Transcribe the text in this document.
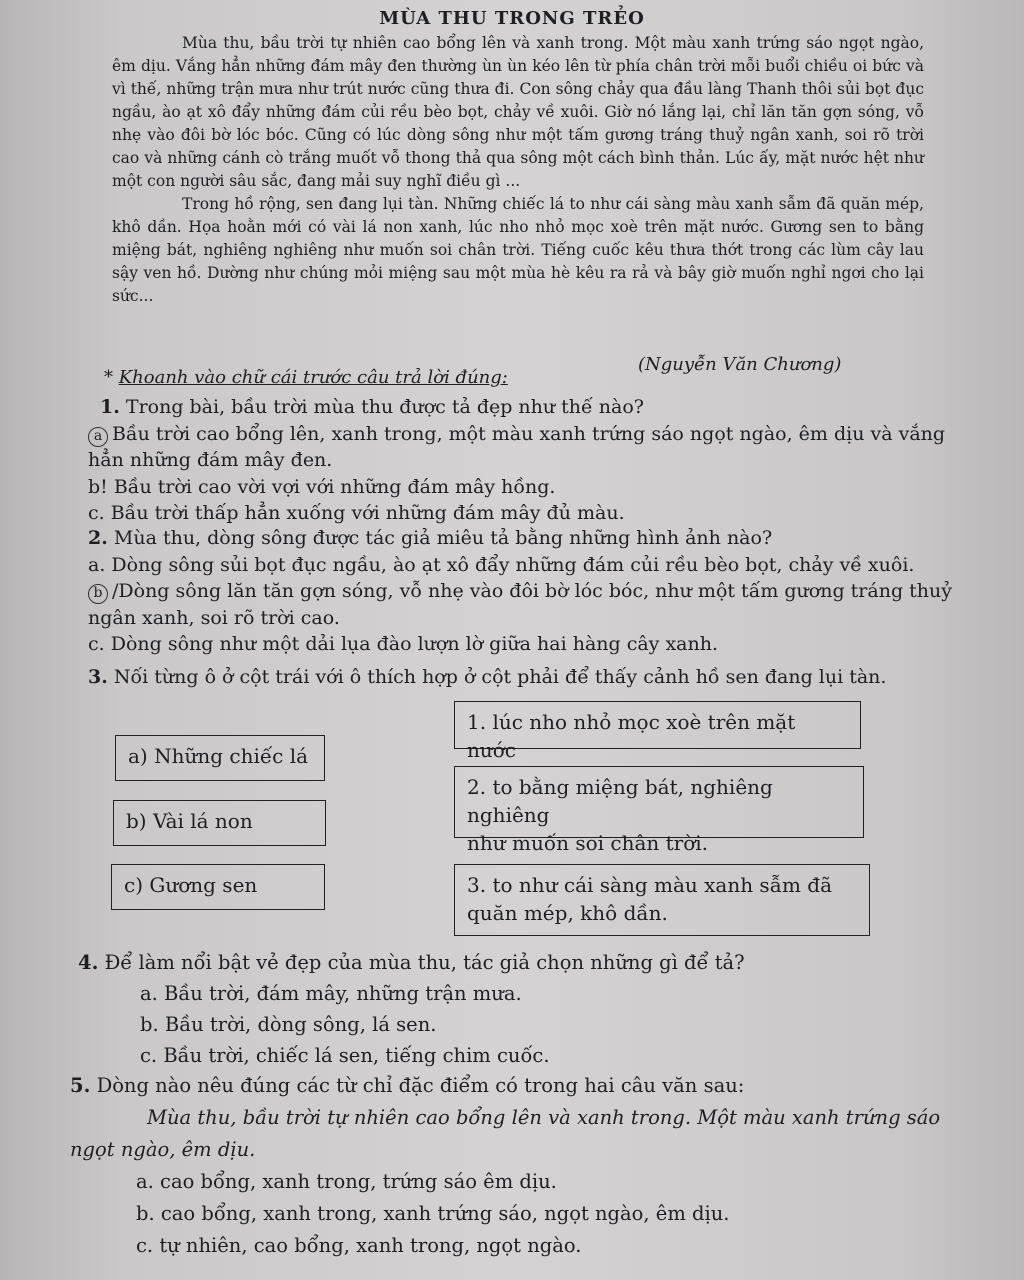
MÙA THU TRONG TRẺO

Mùa thu, bầu trời tự nhiên cao bổng lên và xanh trong. Một màu xanh trứng sáo ngọt ngào, êm dịu. Vắng hẳn những đám mây đen thường ùn ùn kéo lên từ phía chân trời mỗi buổi chiều oi bức và vì thế, những trận mưa như trút nước cũng thưa đi. Con sông chảy qua đầu làng Thanh thôi sủi bọt đục ngầu, ào ạt xô đẩy những đám củi rều bèo bọt, chảy về xuôi. Giờ nó lắng lại, chỉ lăn tăn gợn sóng, vỗ nhẹ vào đôi bờ lóc bóc. Cũng có lúc dòng sông như một tấm gương tráng thuỷ ngân xanh, soi rõ trời cao và những cánh cò trắng muốt vỗ thong thả qua sông một cách bình thản. Lúc ấy, mặt nước hệt như một con người sâu sắc, đang mải suy nghĩ điều gì ...

Trong hồ rộng, sen đang lụi tàn. Những chiếc lá to như cái sàng màu xanh sẫm đã quăn mép, khô dần. Họa hoằn mới có vài lá non xanh, lúc nho nhỏ mọc xoè trên mặt nước. Gương sen to bằng miệng bát, nghiêng nghiêng như muốn soi chân trời. Tiếng cuốc kêu thưa thớt trong các lùm cây lau sậy ven hồ. Dường như chúng mỏi miệng sau một mùa hè kêu ra rả và bây giờ muốn nghỉ ngơi cho lại sức...

(Nguyễn Văn Chương)
* Khoanh vào chữ cái trước câu trả lời đúng:
1. Trong bài, bầu trời mùa thu được tả đẹp như thế nào?
a Bầu trời cao bổng lên, xanh trong, một màu xanh trứng sáo ngọt ngào, êm dịu và vắng
hẳn những đám mây đen.
b! Bầu trời cao vời vợi với những đám mây hồng.
c. Bầu trời thấp hẳn xuống với những đám mây đủ màu.
2. Mùa thu, dòng sông được tác giả miêu tả bằng những hình ảnh nào?
a. Dòng sông sủi bọt đục ngầu, ào ạt xô đẩy những đám củi rều bèo bọt, chảy về xuôi.
b /Dòng sông lăn tăn gợn sóng, vỗ nhẹ vào đôi bờ lóc bóc, như một tấm gương tráng thuỷ
ngân xanh, soi rõ trời cao.
c. Dòng sông như một dải lụa đào lượn lờ giữa hai hàng cây xanh.
3. Nối từng ô ở cột trái với ô thích hợp ở cột phải để thấy cảnh hồ sen đang lụi tàn.
a) Những chiếc lá
b) Vài lá non
c) Gương sen
1. lúc nho nhỏ mọc xoè trên mặt nước
2. to bằng miệng bát, nghiêng nghiêng
như muốn soi chân trời.
3. to như cái sàng màu xanh sẫm đã
quăn mép, khô dần.
4. Để làm nổi bật vẻ đẹp của mùa thu, tác giả chọn những gì để tả?
a. Bầu trời, đám mây, những trận mưa.
b. Bầu trời, dòng sông, lá sen.
c. Bầu trời, chiếc lá sen, tiếng chim cuốc.
5. Dòng nào nêu đúng các từ chỉ đặc điểm có trong hai câu văn sau:
Mùa thu, bầu trời tự nhiên cao bổng lên và xanh trong. Một màu xanh trứng sáo
ngọt ngào, êm dịu.
a. cao bổng, xanh trong, trứng sáo êm dịu.
b. cao bổng, xanh trong, xanh trứng sáo, ngọt ngào, êm dịu.
c. tự nhiên, cao bổng, xanh trong, ngọt ngào.
